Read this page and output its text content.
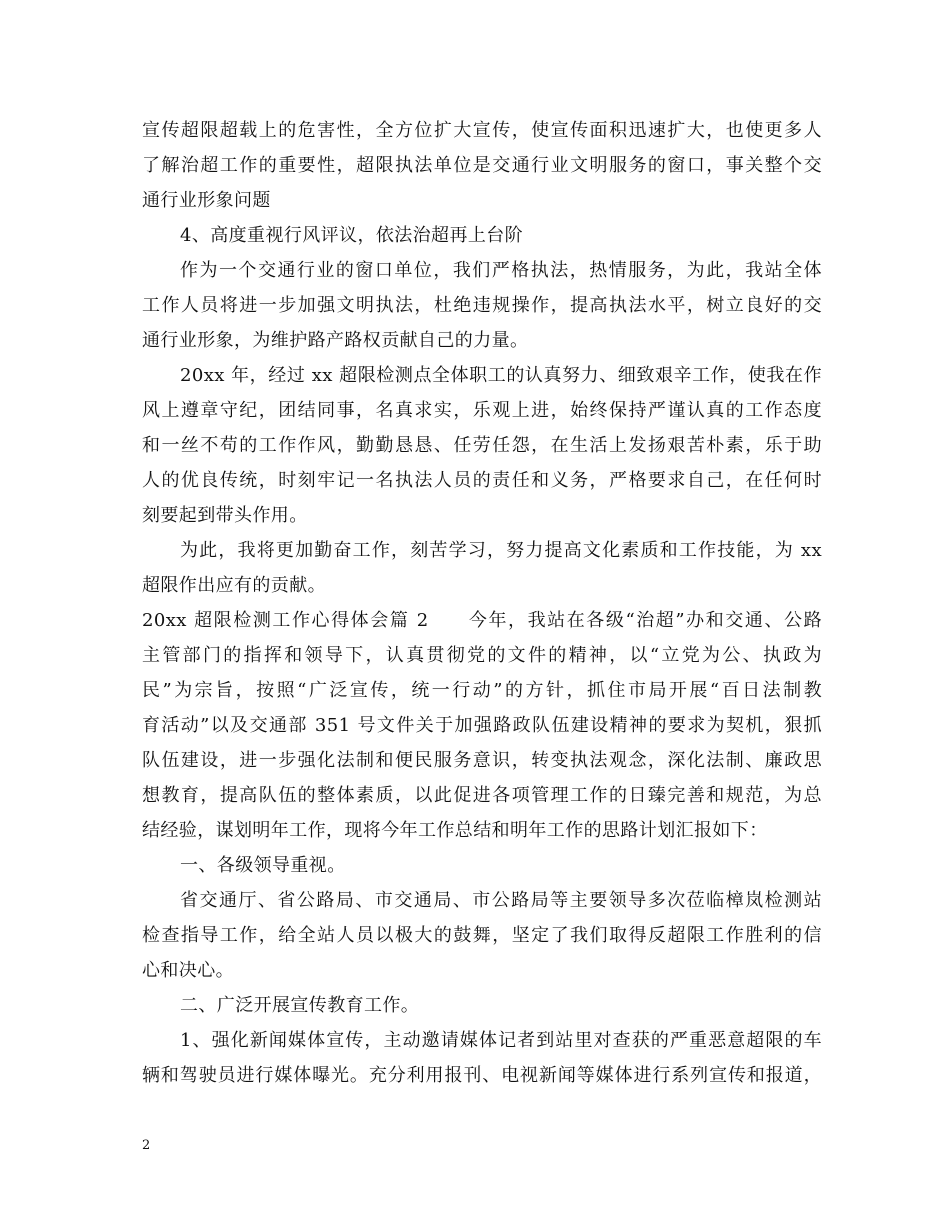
宣传超限超载上的危害性，全方位扩大宣传，使宣传面积迅速扩大，也使更多人
了解治超工作的重要性，超限执法单位是交通行业文明服务的窗口，事关整个交
通行业形象问题
4、高度重视行风评议，依法治超再上台阶
作为一个交通行业的窗口单位，我们严格执法，热情服务，为此，我站全体
工作人员将进一步加强文明执法，杜绝违规操作，提高执法水平，树立良好的交
通行业形象，为维护路产路权贡献自己的力量。
20xx 年，经过 xx 超限检测点全体职工的认真努力、细致艰辛工作，使我在作
风上遵章守纪，团结同事，名真求实，乐观上进，始终保持严谨认真的工作态度
和一丝不苟的工作作风，勤勤恳恳、任劳任怨，在生活上发扬艰苦朴素，乐于助
人的优良传统，时刻牢记一名执法人员的责任和义务，严格要求自己，在任何时
刻要起到带头作用。
为此，我将更加勤奋工作，刻苦学习，努力提高文化素质和工作技能，为 xx
超限作出应有的贡献。
20xx 超限检测工作心得体会篇 2　　今年，我站在各级“治超”办和交通、公路
主管部门的指挥和领导下，认真贯彻党的文件的精神，以“立党为公、执政为
民”为宗旨，按照“广泛宣传，统一行动”的方针，抓住市局开展“百日法制教
育活动”以及交通部 351 号文件关于加强路政队伍建设精神的要求为契机，狠抓
队伍建设，进一步强化法制和便民服务意识，转变执法观念，深化法制、廉政思
想教育，提高队伍的整体素质，以此促进各项管理工作的日臻完善和规范，为总
结经验，谋划明年工作，现将今年工作总结和明年工作的思路计划汇报如下：
一、各级领导重视。
省交通厅、省公路局、市交通局、市公路局等主要领导多次莅临樟岚检测站
检查指导工作，给全站人员以极大的鼓舞，坚定了我们取得反超限工作胜利的信
心和决心。
二、广泛开展宣传教育工作。
1、强化新闻媒体宣传，主动邀请媒体记者到站里对查获的严重恶意超限的车
辆和驾驶员进行媒体曝光。充分利用报刊、电视新闻等媒体进行系列宣传和报道，
2
